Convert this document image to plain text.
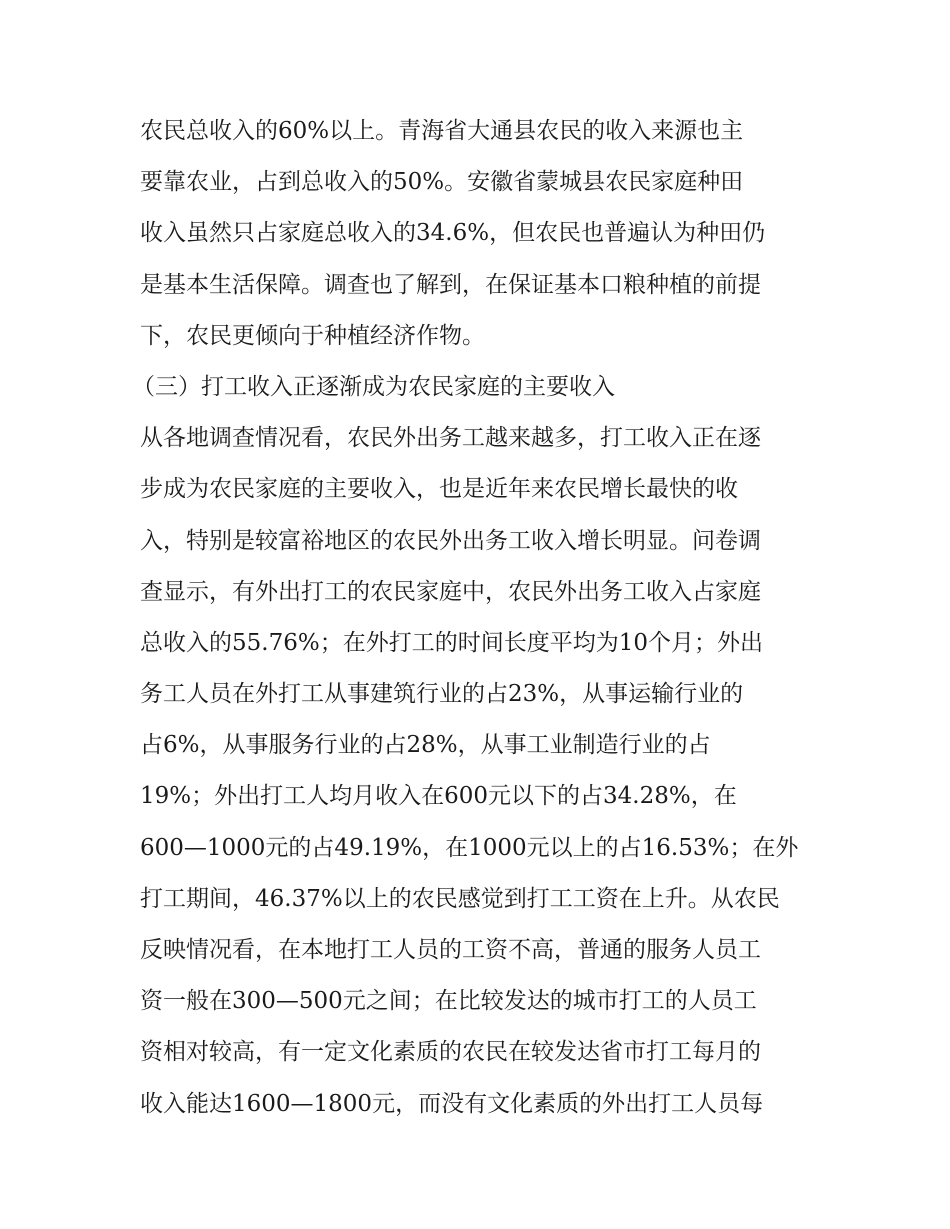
农民总收入的60%以上。青海省大通县农民的收入来源也主
要靠农业，占到总收入的50%。安徽省蒙城县农民家庭种田
收入虽然只占家庭总收入的34.6%，但农民也普遍认为种田仍
是基本生活保障。调查也了解到，在保证基本口粮种植的前提
下，农民更倾向于种植经济作物。
（三）打工收入正逐渐成为农民家庭的主要收入
从各地调查情况看，农民外出务工越来越多，打工收入正在逐
步成为农民家庭的主要收入，也是近年来农民增长最快的收
入，特别是较富裕地区的农民外出务工收入增长明显。问卷调
查显示，有外出打工的农民家庭中，农民外出务工收入占家庭
总收入的55.76%；在外打工的时间长度平均为10个月；外出
务工人员在外打工从事建筑行业的占23%，从事运输行业的
占6%，从事服务行业的占28%，从事工业制造行业的占
19%；外出打工人均月收入在600元以下的占34.28%，在
600—1000元的占49.19%，在1000元以上的占16.53%；在外
打工期间，46.37%以上的农民感觉到打工工资在上升。从农民
反映情况看，在本地打工人员的工资不高，普通的服务人员工
资一般在300—500元之间；在比较发达的城市打工的人员工
资相对较高，有一定文化素质的农民在较发达省市打工每月的
收入能达1600—1800元，而没有文化素质的外出打工人员每
